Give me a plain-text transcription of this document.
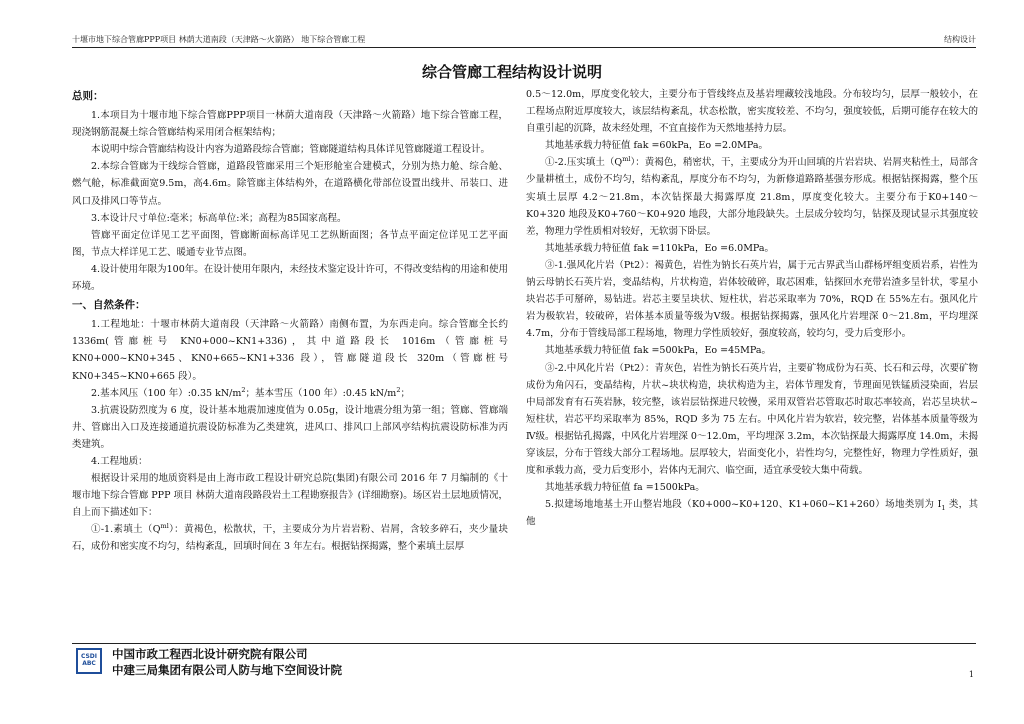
十堰市地下综合管廊PPP项目 林荫大道南段（天津路～火箭路） 地下综合管廊工程	结构设计
综合管廊工程结构设计说明

总则：

1.本项目为十堰市地下综合管廊PPP项目一林荫大道南段（天津路～火箭路）地下综合管廊工程，现浇钢筋混凝土综合管廊结构采用闭合框架结构；

本说明中综合管廊结构设计内容为道路段综合管廊；管廊隧道结构具体详见管廊隧道工程设计。

2.本综合管廊为干线综合管廊，道路段管廊采用三个矩形舱室合建模式，分别为热力舱、综合舱、燃气舱，标准截面宽9.5m，高4.6m。除管廊主体结构外，在道路横化带部位设置出线井、吊装口、进风口及排风口等节点。

3.本设计尺寸单位:毫米；标高单位:米；高程为85国家高程。

管廊平面定位详见工艺平面图，管廊断面标高详见工艺纵断面图；各节点平面定位详见工艺平面图，节点大样详见工艺、暖通专业节点图。

4.设计使用年限为100年。在设计使用年限内，未经技术鉴定设计许可，不得改变结构的用途和使用环境。

一、自然条件：

1.工程地址：十堰市林荫大道南段（天津路～火箭路）南侧布置，为东西走向。综合管廊全长约 1336m(管廊桩号 KN0+000~KN1+336)，其中道路段长 1016m（管廊桩号 KN0+000~KN0+345、KN0+665~KN1+336 段），管廊隧道段长 320m（管廊桩号 KN0+345~KN0+665 段）。

2.基本风压（100 年）:0.35 $kN/m^2$；基本雪压（100 年）:0.45 $kN/m^2$；

3.抗震设防烈度为 6 度，设计基本地震加速度值为 0.05g，设计地震分组为第一组；管廊、管廊端井、管廊出入口及连接通道抗震设防标准为乙类建筑，进风口、排风口上部风亭结构抗震设防标准为丙类建筑。

4.工程地质：

根据设计采用的地质资料是由上海市政工程设计研究总院(集团)有限公司 2016 年 7 月编制的《十堰市地下综合管廊 PPP 项目 林荫大道南段路段岩土工程勘察报告》(详细勘察)。场区岩土层地质情况，自上而下描述如下：

①-1.素填土$(Q^{ml})$：黄褐色，松散状，干，主要成分为片岩岩粉、岩屑，含较多碎石，夹少量块石，成份和密实度不均匀，结构紊乱，回填时间在 3 年左右。根据钻探揭露，整个素填土层厚

0.5～12.0m，厚度变化较大，主要分布于管线终点及基岩埋藏较浅地段。分布较均匀，层厚一般较小，在工程场点附近厚度较大，该层结构紊乱，状态松散，密实度较差、不均匀，强度较低，后期可能存在较大的自重引起的沉降，故未经处理，不宜直接作为天然地基持力层。

其地基承载力特征值 fak =60kPa，Eo =2.0MPa。

①-2.压实填土$(Q^{ml})$：黄褐色，稍密状，干，主要成分为开山回填的片岩岩块、岩屑夹粘性土，局部含少量耕植土，成份不均匀，结构紊乱，厚度分布不均匀，为新修道路路基强夯形成。根据钻探揭露，整个压实填土层厚 4.2～21.8m，本次钻探最大揭露厚度 21.8m，厚度变化较大。主要分布于K0+140～K0+320 地段及K0+760～K0+920 地段，大部分地段缺失。土层成分较均匀，钻探及现试显示其强度较差，物理力学性质相对较好，无软弱下卧层。

其地基承载力特征值 fak =110kPa，Eo =6.0MPa。

③-1.强风化片岩（Pt2）：褐黄色，岩性为钠长石英片岩，属于元古界武当山群杨坪组变质岩系，岩性为钠云母钠长石英片岩，变晶结构，片状构造，岩体较破碎，取芯困难，钻探回水充带岩渣多呈针状，零星小块岩芯手可掰碎，易钻进。岩芯主要呈块状、短柱状，岩芯采取率为 70%，RQD 在 55%左右。强风化片岩为极软岩，较破碎，岩体基本质量等级为Ⅴ级。根据钻探揭露，强风化片岩埋深 0～21.8m，平均埋深 4.7m，分布于管线局部工程场地，物理力学性质较好，强度较高，较均匀，受力后变形小。

其地基承载力特征值 fak =500kPa，Eo =45MPa。

③-2.中风化片岩（Pt2）：青灰色，岩性为钠长石英片岩，主要矿物成份为石英、长石和云母，次要矿物成份为角闪石，变晶结构，片状~块状构造，块状构造为主，岩体节理发育，节理面见铁锰质浸染面，岩层中局部发育有石英岩脉，较完整，该岩层钻探进尺较慢，采用双管岩芯管取芯时取芯率较高，岩芯呈块状~短柱状，岩芯平均采取率为 85%，RQD 多为 75 左右。中风化片岩为软岩，较完整，岩体基本质量等级为Ⅳ级。根据钻孔揭露，中风化片岩埋深 0～12.0m，平均埋深 3.2m，本次钻探最大揭露厚度 14.0m，未揭穿该层，分布于管线大部分工程场地。层厚较大，岩面变化小，岩性均匀，完整性好，物理力学性质好，强度和承载力高，受力后变形小，岩体内无洞穴、临空面，适宜承受较大集中荷载。

其地基承载力特征值 fa =1500kPa。

5.拟建场地地基土开山整岩地段（K0+000~K0+120、K1+060~K1+260）场地类别为 $I_1$ 类，其他

CSDI ABC
中国市政工程西北设计研究院有限公司
中建三局集团有限公司人防与地下空间设计院	1
